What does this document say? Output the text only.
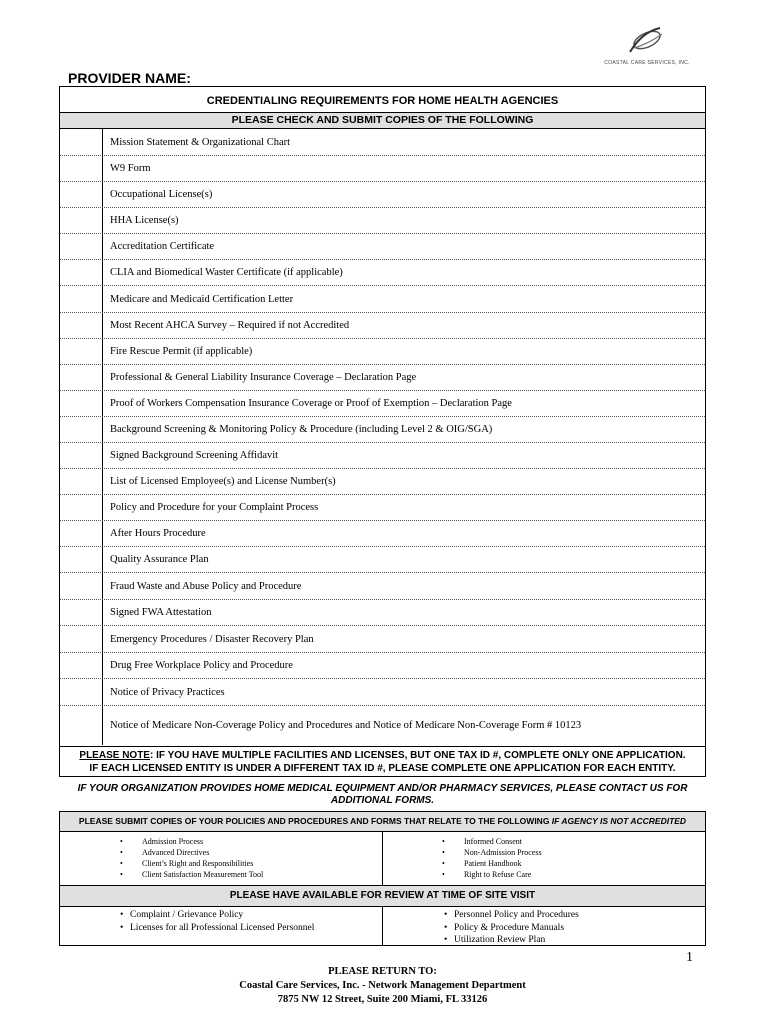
COASTAL CARE SERVICES, INC.
PROVIDER NAME:
CREDENTIALING REQUIREMENTS FOR HOME HEALTH AGENCIES
PLEASE CHECK AND SUBMIT COPIES OF THE FOLLOWING
Mission Statement & Organizational Chart
W9 Form
Occupational License(s)
HHA License(s)
Accreditation Certificate
CLIA and Biomedical Waster Certificate (if applicable)
Medicare and Medicaid Certification Letter
Most Recent AHCA Survey – Required if not Accredited
Fire Rescue Permit (if applicable)
Professional & General Liability Insurance Coverage – Declaration Page
Proof of Workers Compensation Insurance Coverage or Proof of Exemption – Declaration Page
Background Screening & Monitoring Policy & Procedure (including Level 2 & OIG/SGA)
Signed Background Screening Affidavit
List of Licensed Employee(s) and License Number(s)
Policy and Procedure for your Complaint Process
After Hours Procedure
Quality Assurance Plan
Fraud Waste and Abuse Policy and Procedure
Signed FWA Attestation
Emergency Procedures / Disaster Recovery Plan
Drug Free Workplace Policy and Procedure
Notice of Privacy Practices
Notice of Medicare Non-Coverage Policy and Procedures and Notice of Medicare Non-Coverage Form # 10123
PLEASE NOTE: IF YOU HAVE MULTIPLE FACILITIES AND LICENSES, BUT ONE TAX ID #, COMPLETE ONLY ONE APPLICATION.
IF EACH LICENSED ENTITY IS UNDER A DIFFERENT TAX ID #, PLEASE COMPLETE ONE APPLICATION FOR EACH ENTITY.
IF YOUR ORGANIZATION PROVIDES HOME MEDICAL EQUIPMENT AND/OR PHARMACY SERVICES, PLEASE CONTACT US FOR
ADDITIONAL FORMS.
PLEASE SUBMIT COPIES OF YOUR POLICIES AND PROCEDURES AND FORMS THAT RELATE TO THE FOLLOWING IF AGENCY IS NOT ACCREDITED
• Admission Process
• Advanced Directives
• Client’s Right and Responsibilities
• Client Satisfaction Measurement Tool
• Informed Consent
• Non-Admission Process
• Patient Handbook
• Right to Refuse Care
PLEASE HAVE AVAILABLE FOR REVIEW AT TIME OF SITE VISIT
• Complaint / Grievance Policy
• Licenses for all Professional Licensed Personnel
• Personnel Policy and Procedures
• Policy & Procedure Manuals
• Utilization Review Plan
1
PLEASE RETURN TO:
Coastal Care Services, Inc. - Network Management Department
7875 NW 12 Street, Suite 200 Miami, FL 33126
